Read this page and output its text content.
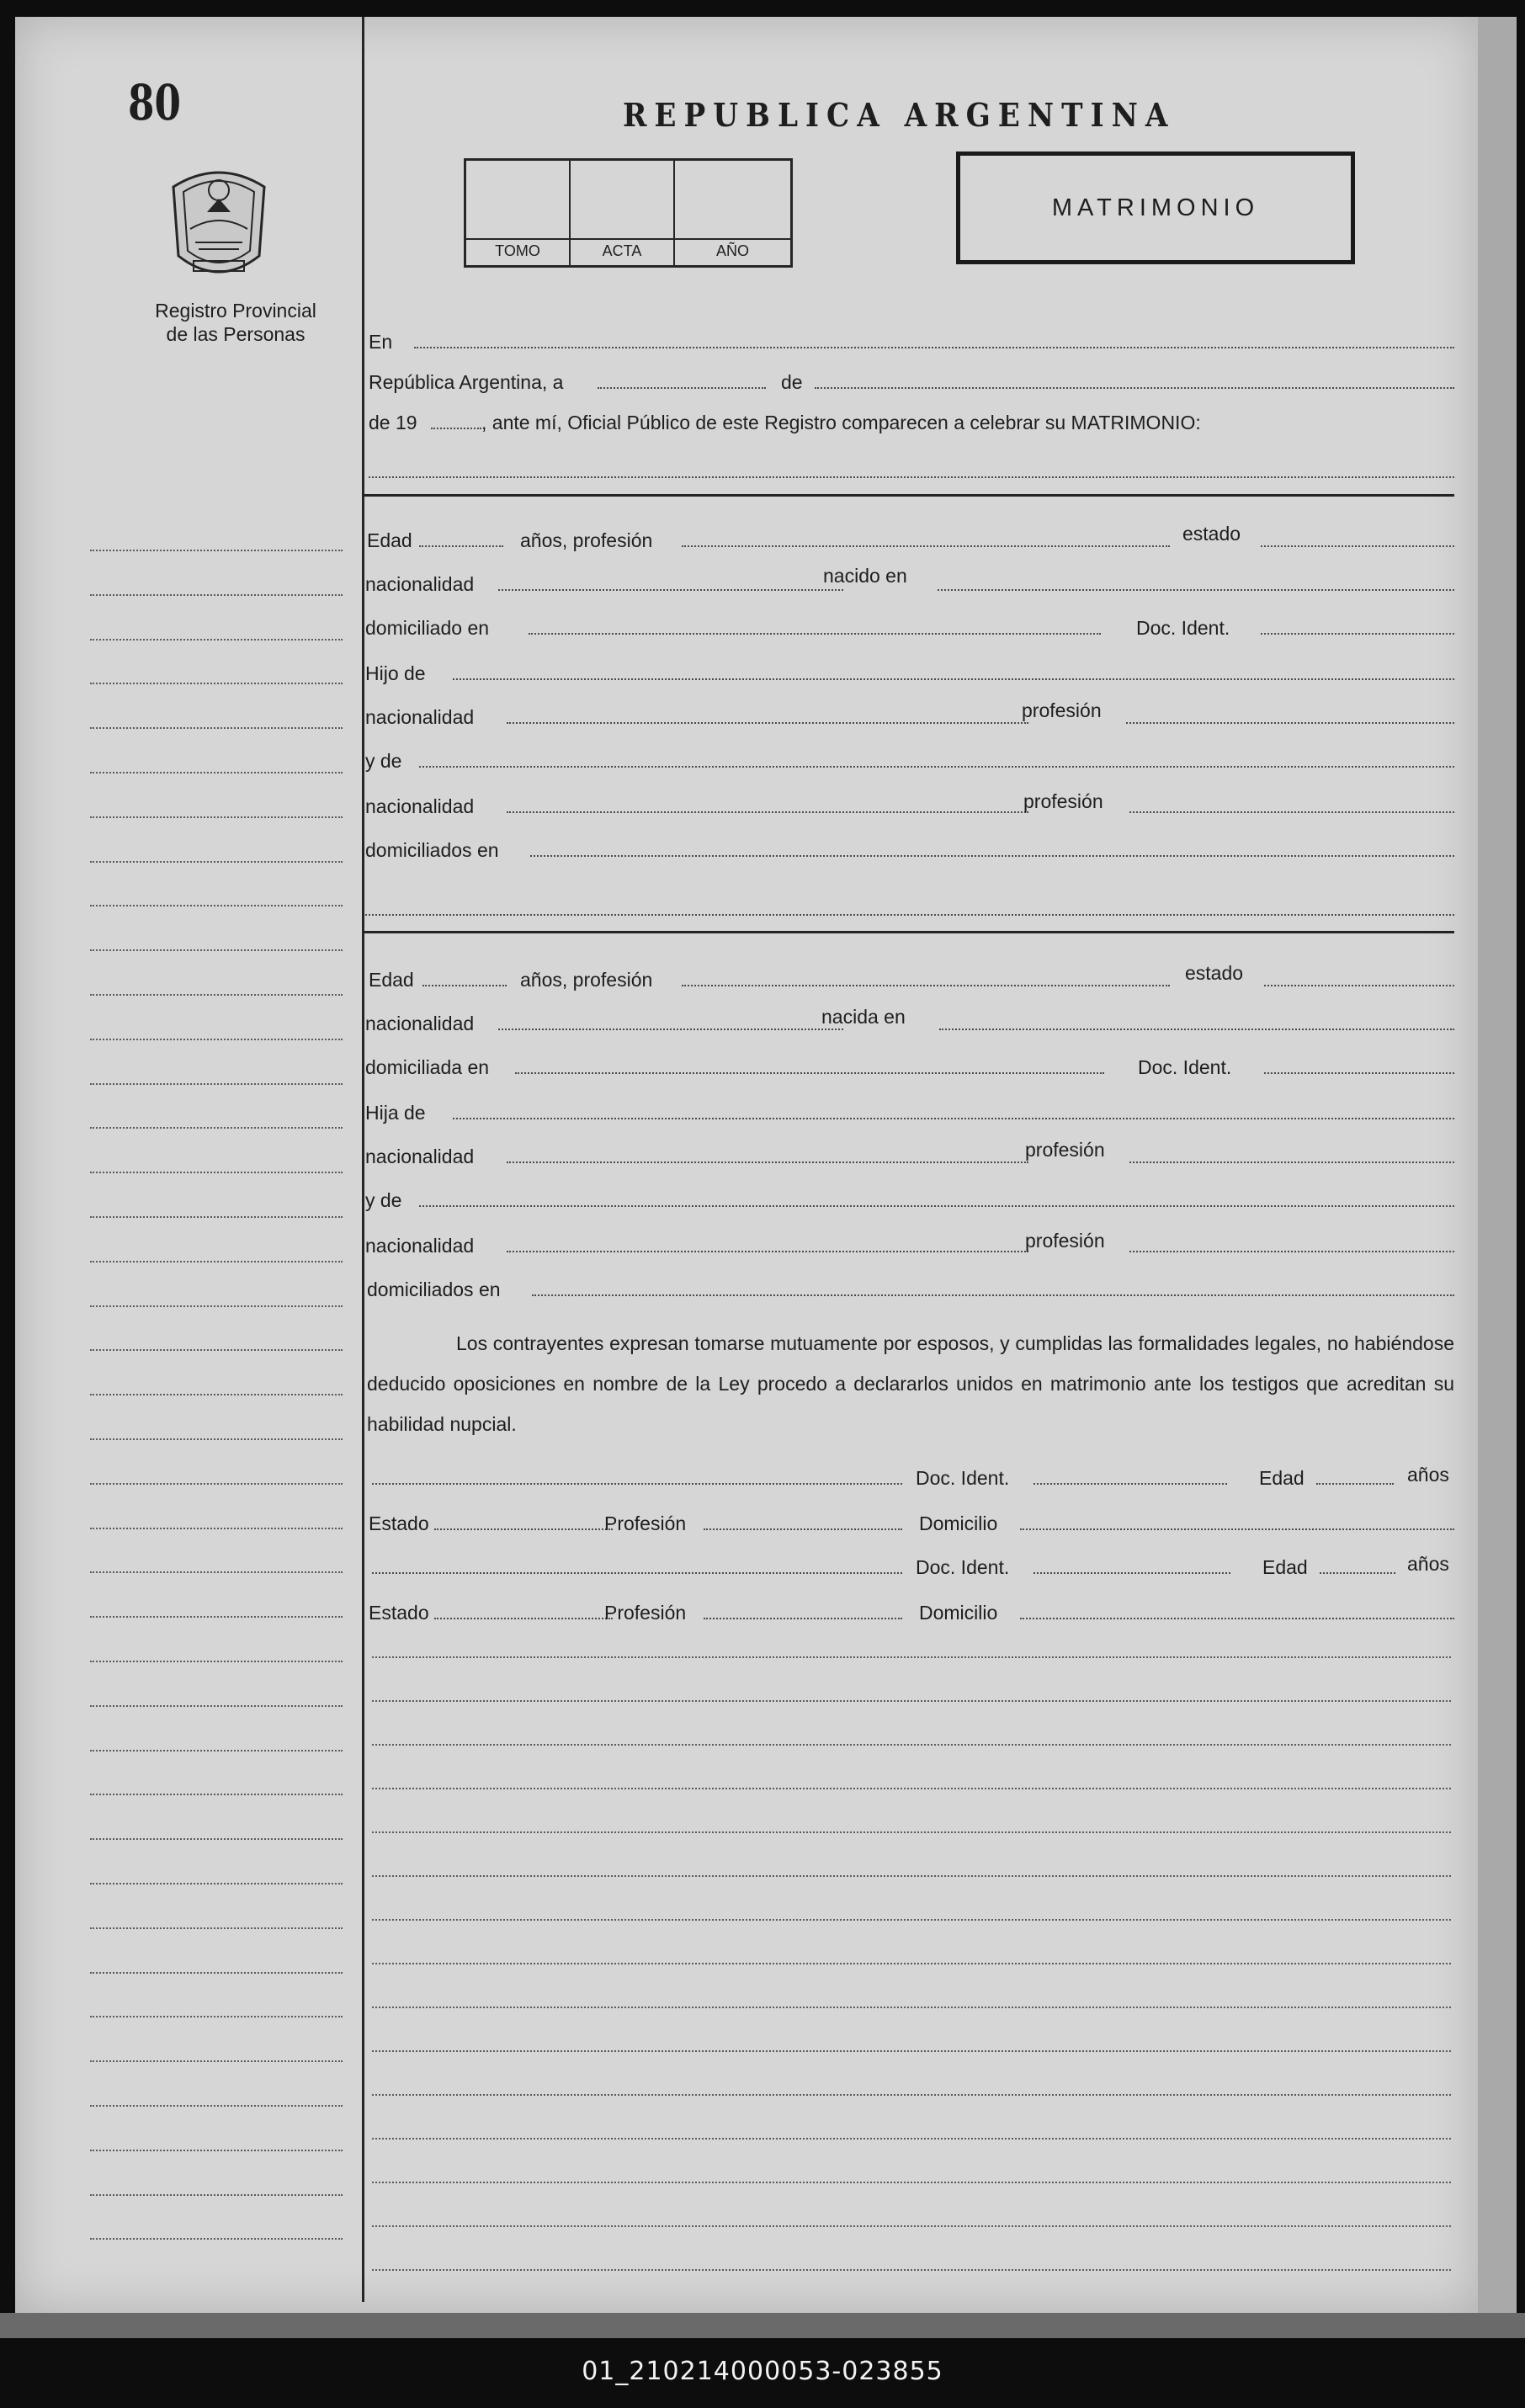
01_210214000053-023855
80
Registro Provincial
de las Personas
REPUBLICA ARGENTINA
TOMO	ACTA	AÑO
MATRIMONIO
En
República Argentina, a	de
de 19	, ante mí, Oficial Público de este Registro comparecen a celebrar su MATRIMONIO:
Edad	años, profesión	estado
nacionalidad	nacido en
domiciliado en	Doc. Ident.
Hijo de
nacionalidad	profesión
y de
nacionalidad	profesión
domiciliados en
Edad	años, profesión	estado
nacionalidad	nacida en
domiciliada en	Doc. Ident.
Hija de
nacionalidad	profesión
y de
nacionalidad	profesión
domiciliados en

Los contrayentes expresan tomarse mutuamente por esposos, y cumplidas las formalidades legales, no habiéndose deducido oposiciones en nombre de la Ley procedo a declararlos unidos en matrimonio ante los testigos que acreditan su habilidad nupcial.

Doc. Ident.	Edad	años
Estado	Profesión	Domicilio
Doc. Ident.	Edad	años
Estado	Profesión	Domicilio
